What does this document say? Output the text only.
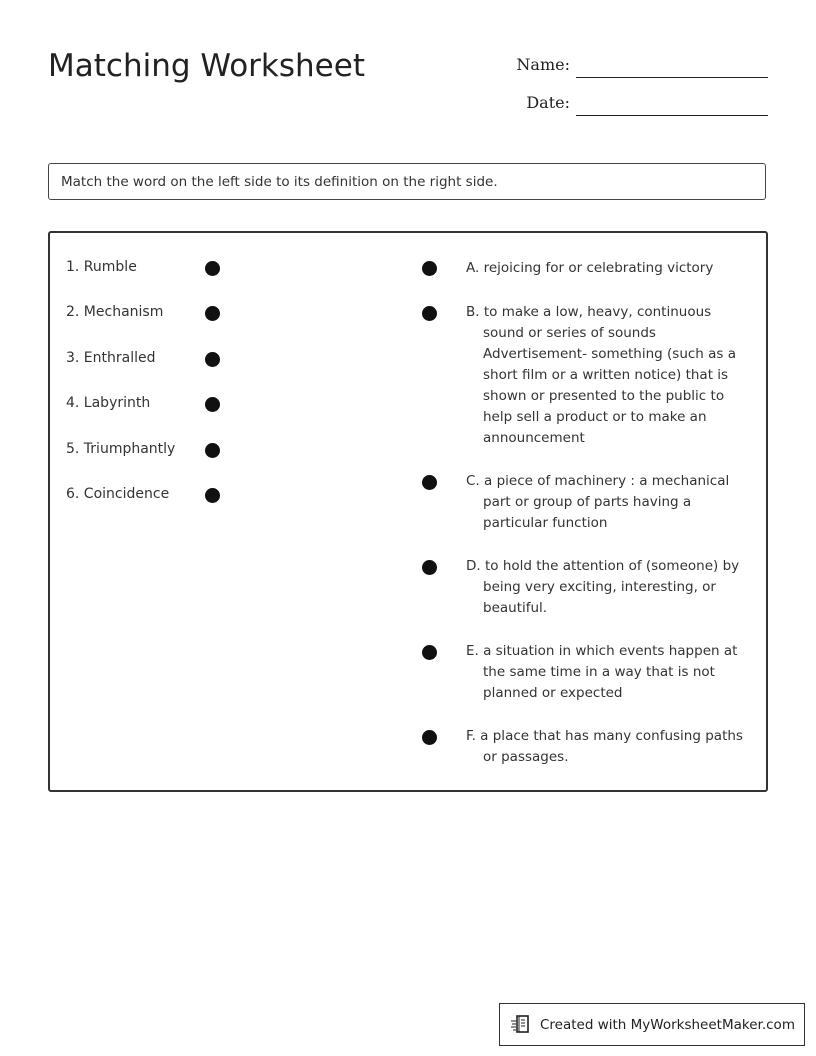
Matching Worksheet	Name:
Date:
Match the word on the left side to its definition on the right side.
1. Rumble
2. Mechanism
3. Enthralled
4. Labyrinth
5. Triumphantly
6. Coincidence
A. rejoicing for or celebrating victory
B. to make a low, heavy, continuous
sound or series of sounds Advertisement- something (such as a short film or a written notice) that is shown or presented to the public to help sell a product or to make an announcement
C. a piece of machinery : a mechanical
part or group of parts having a particular function
D. to hold the attention of (someone) by
being very exciting, interesting, or beautiful.
E. a situation in which events happen at
the same time in a way that is not planned or expected
F. a place that has many confusing paths
or passages.
Created with MyWorksheetMaker.com
